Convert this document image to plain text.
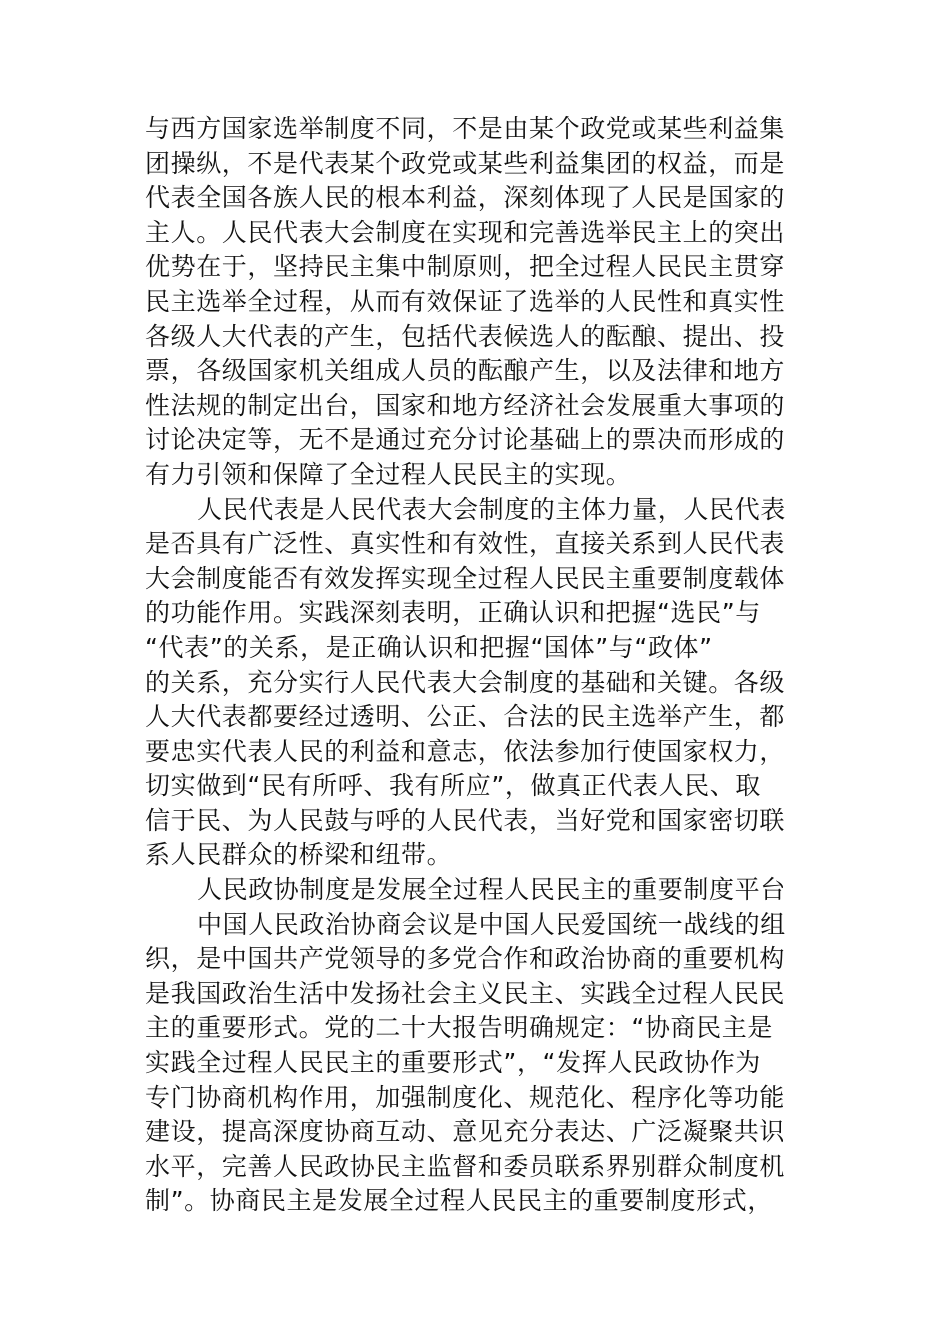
与西方国家选举制度不同，不是由某个政党或某些利益集
团操纵，不是代表某个政党或某些利益集团的权益，而是
代表全国各族人民的根本利益，深刻体现了人民是国家的
主人。人民代表大会制度在实现和完善选举民主上的突出
优势在于，坚持民主集中制原则，把全过程人民民主贯穿
民主选举全过程，从而有效保证了选举的人民性和真实性
各级人大代表的产生，包括代表候选人的酝酿、提出、投
票，各级国家机关组成人员的酝酿产生，以及法律和地方
性法规的制定出台，国家和地方经济社会发展重大事项的
讨论决定等，无不是通过充分讨论基础上的票决而形成的
有力引领和保障了全过程人民民主的实现。
人民代表是人民代表大会制度的主体力量，人民代表
是否具有广泛性、真实性和有效性，直接关系到人民代表
大会制度能否有效发挥实现全过程人民民主重要制度载体
的功能作用。实践深刻表明，正确认识和把握“选民”与
“代表”的关系，是正确认识和把握“国体”与“政体”
的关系，充分实行人民代表大会制度的基础和关键。各级
人大代表都要经过透明、公正、合法的民主选举产生，都
要忠实代表人民的利益和意志，依法参加行使国家权力，
切实做到“民有所呼、我有所应”，做真正代表人民、取
信于民、为人民鼓与呼的人民代表，当好党和国家密切联
系人民群众的桥梁和纽带。
人民政协制度是发展全过程人民民主的重要制度平台
中国人民政治协商会议是中国人民爱国统一战线的组
织，是中国共产党领导的多党合作和政治协商的重要机构
是我国政治生活中发扬社会主义民主、实践全过程人民民
主的重要形式。党的二十大报告明确规定：“协商民主是
实践全过程人民民主的重要形式”，“发挥人民政协作为
专门协商机构作用，加强制度化、规范化、程序化等功能
建设，提高深度协商互动、意见充分表达、广泛凝聚共识
水平，完善人民政协民主监督和委员联系界别群众制度机
制”。协商民主是发展全过程人民民主的重要制度形式，
